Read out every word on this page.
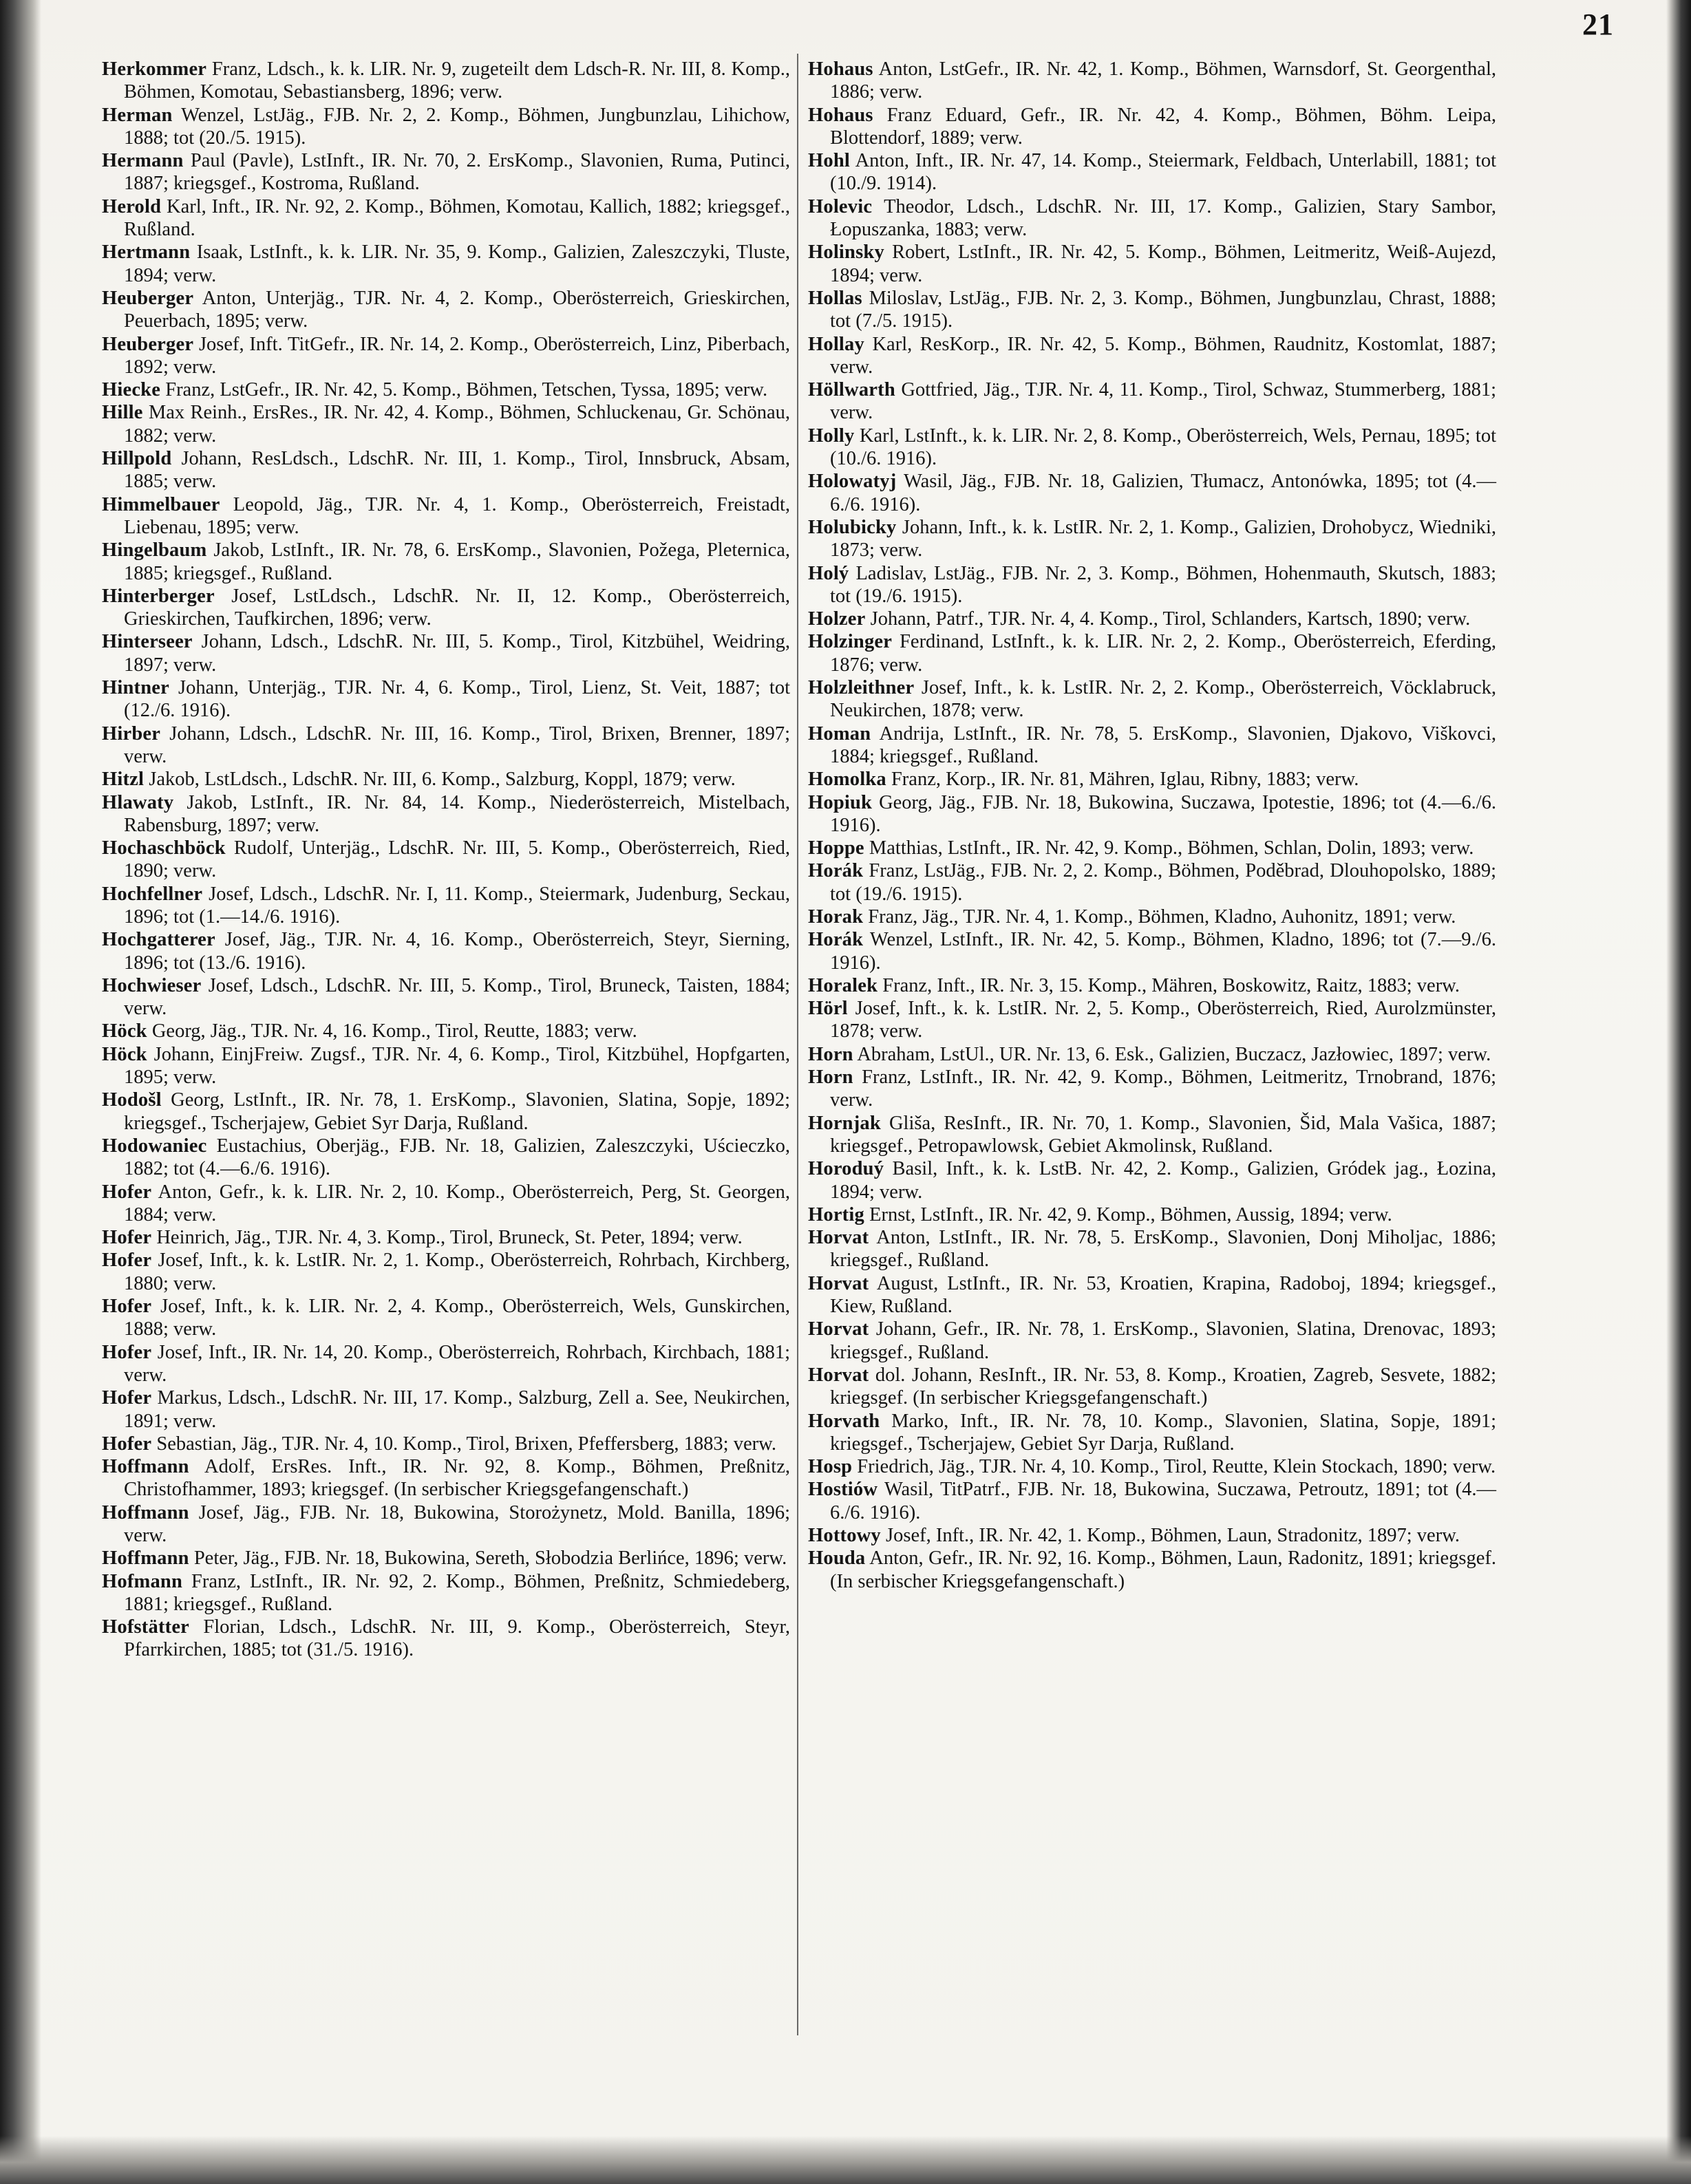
21
Herkommer Franz, Ldsch., k. k. LIR. Nr. 9, zugeteilt dem Ldsch-R. Nr. III, 8. Komp., Böhmen, Komotau, Sebastiansberg, 1896; verw.
Herman Wenzel, LstJäg., FJB. Nr. 2, 2. Komp., Böhmen, Jungbunzlau, Lihichow, 1888; tot (20./5. 1915).
Hermann Paul (Pavle), LstInft., IR. Nr. 70, 2. ErsKomp., Slavonien, Ruma, Putinci, 1887; kriegsgef., Kostroma, Rußland.
Herold Karl, Inft., IR. Nr. 92, 2. Komp., Böhmen, Komotau, Kallich, 1882; kriegsgef., Rußland.
Hertmann Isaak, LstInft., k. k. LIR. Nr. 35, 9. Komp., Galizien, Zaleszczyki, Tluste, 1894; verw.
Heuberger Anton, Unterjäg., TJR. Nr. 4, 2. Komp., Oberösterreich, Grieskirchen, Peuerbach, 1895; verw.
Heuberger Josef, Inft. TitGefr., IR. Nr. 14, 2. Komp., Oberösterreich, Linz, Piberbach, 1892; verw.
Hiecke Franz, LstGefr., IR. Nr. 42, 5. Komp., Böhmen, Tetschen, Tyssa, 1895; verw.
Hille Max Reinh., ErsRes., IR. Nr. 42, 4. Komp., Böhmen, Schluckenau, Gr. Schönau, 1882; verw.
Hillpold Johann, ResLdsch., LdschR. Nr. III, 1. Komp., Tirol, Innsbruck, Absam, 1885; verw.
Himmelbauer Leopold, Jäg., TJR. Nr. 4, 1. Komp., Oberösterreich, Freistadt, Liebenau, 1895; verw.
Hingelbaum Jakob, LstInft., IR. Nr. 78, 6. ErsKomp., Slavonien, Požega, Pleternica, 1885; kriegsgef., Rußland.
Hinterberger Josef, LstLdsch., LdschR. Nr. II, 12. Komp., Oberösterreich, Grieskirchen, Taufkirchen, 1896; verw.
Hinterseer Johann, Ldsch., LdschR. Nr. III, 5. Komp., Tirol, Kitzbühel, Weidring, 1897; verw.
Hintner Johann, Unterjäg., TJR. Nr. 4, 6. Komp., Tirol, Lienz, St. Veit, 1887; tot (12./6. 1916).
Hirber Johann, Ldsch., LdschR. Nr. III, 16. Komp., Tirol, Brixen, Brenner, 1897; verw.
Hitzl Jakob, LstLdsch., LdschR. Nr. III, 6. Komp., Salzburg, Koppl, 1879; verw.
Hlawaty Jakob, LstInft., IR. Nr. 84, 14. Komp., Niederösterreich, Mistelbach, Rabensburg, 1897; verw.
Hochaschböck Rudolf, Unterjäg., LdschR. Nr. III, 5. Komp., Oberösterreich, Ried, 1890; verw.
Hochfellner Josef, Ldsch., LdschR. Nr. I, 11. Komp., Steiermark, Judenburg, Seckau, 1896; tot (1.—14./6. 1916).
Hochgatterer Josef, Jäg., TJR. Nr. 4, 16. Komp., Oberösterreich, Steyr, Sierning, 1896; tot (13./6. 1916).
Hochwieser Josef, Ldsch., LdschR. Nr. III, 5. Komp., Tirol, Bruneck, Taisten, 1884; verw.
Höck Georg, Jäg., TJR. Nr. 4, 16. Komp., Tirol, Reutte, 1883; verw.
Höck Johann, EinjFreiw. Zugsf., TJR. Nr. 4, 6. Komp., Tirol, Kitzbühel, Hopfgarten, 1895; verw.
Hodošl Georg, LstInft., IR. Nr. 78, 1. ErsKomp., Slavonien, Slatina, Sopje, 1892; kriegsgef., Tscherjajew, Gebiet Syr Darja, Rußland.
Hodowaniec Eustachius, Oberjäg., FJB. Nr. 18, Galizien, Zaleszczyki, Uścieczko, 1882; tot (4.—6./6. 1916).
Hofer Anton, Gefr., k. k. LIR. Nr. 2, 10. Komp., Oberösterreich, Perg, St. Georgen, 1884; verw.
Hofer Heinrich, Jäg., TJR. Nr. 4, 3. Komp., Tirol, Bruneck, St. Peter, 1894; verw.
Hofer Josef, Inft., k. k. LstIR. Nr. 2, 1. Komp., Oberösterreich, Rohrbach, Kirchberg, 1880; verw.
Hofer Josef, Inft., k. k. LIR. Nr. 2, 4. Komp., Oberösterreich, Wels, Gunskirchen, 1888; verw.
Hofer Josef, Inft., IR. Nr. 14, 20. Komp., Oberösterreich, Rohrbach, Kirchbach, 1881; verw.
Hofer Markus, Ldsch., LdschR. Nr. III, 17. Komp., Salzburg, Zell a. See, Neukirchen, 1891; verw.
Hofer Sebastian, Jäg., TJR. Nr. 4, 10. Komp., Tirol, Brixen, Pfeffersberg, 1883; verw.
Hoffmann Adolf, ErsRes. Inft., IR. Nr. 92, 8. Komp., Böhmen, Preßnitz, Christofhammer, 1893; kriegsgef. (In serbischer Kriegsgefangenschaft.)
Hoffmann Josef, Jäg., FJB. Nr. 18, Bukowina, Storożynetz, Mold. Banilla, 1896; verw.
Hoffmann Peter, Jäg., FJB. Nr. 18, Bukowina, Sereth, Słobodzia Berlińce, 1896; verw.
Hofmann Franz, LstInft., IR. Nr. 92, 2. Komp., Böhmen, Preßnitz, Schmiedeberg, 1881; kriegsgef., Rußland.
Hofstätter Florian, Ldsch., LdschR. Nr. III, 9. Komp., Oberösterreich, Steyr, Pfarrkirchen, 1885; tot (31./5. 1916).
Hohaus Anton, LstGefr., IR. Nr. 42, 1. Komp., Böhmen, Warnsdorf, St. Georgenthal, 1886; verw.
Hohaus Franz Eduard, Gefr., IR. Nr. 42, 4. Komp., Böhmen, Böhm. Leipa, Blottendorf, 1889; verw.
Hohl Anton, Inft., IR. Nr. 47, 14. Komp., Steiermark, Feldbach, Unterlabill, 1881; tot (10./9. 1914).
Holevic Theodor, Ldsch., LdschR. Nr. III, 17. Komp., Galizien, Stary Sambor, Łopuszanka, 1883; verw.
Holinsky Robert, LstInft., IR. Nr. 42, 5. Komp., Böhmen, Leitmeritz, Weiß-Aujezd, 1894; verw.
Hollas Miloslav, LstJäg., FJB. Nr. 2, 3. Komp., Böhmen, Jungbunzlau, Chrast, 1888; tot (7./5. 1915).
Hollay Karl, ResKorp., IR. Nr. 42, 5. Komp., Böhmen, Raudnitz, Kostomlat, 1887; verw.
Höllwarth Gottfried, Jäg., TJR. Nr. 4, 11. Komp., Tirol, Schwaz, Stummerberg, 1881; verw.
Holly Karl, LstInft., k. k. LIR. Nr. 2, 8. Komp., Oberösterreich, Wels, Pernau, 1895; tot (10./6. 1916).
Holowatyj Wasil, Jäg., FJB. Nr. 18, Galizien, Tłumacz, Antonówka, 1895; tot (4.—6./6. 1916).
Holubicky Johann, Inft., k. k. LstIR. Nr. 2, 1. Komp., Galizien, Drohobycz, Wiedniki, 1873; verw.
Holý Ladislav, LstJäg., FJB. Nr. 2, 3. Komp., Böhmen, Hohenmauth, Skutsch, 1883; tot (19./6. 1915).
Holzer Johann, Patrf., TJR. Nr. 4, 4. Komp., Tirol, Schlanders, Kartsch, 1890; verw.
Holzinger Ferdinand, LstInft., k. k. LIR. Nr. 2, 2. Komp., Oberösterreich, Eferding, 1876; verw.
Holzleithner Josef, Inft., k. k. LstIR. Nr. 2, 2. Komp., Oberösterreich, Vöcklabruck, Neukirchen, 1878; verw.
Homan Andrija, LstInft., IR. Nr. 78, 5. ErsKomp., Slavonien, Djakovo, Viškovci, 1884; kriegsgef., Rußland.
Homolka Franz, Korp., IR. Nr. 81, Mähren, Iglau, Ribny, 1883; verw.
Hopiuk Georg, Jäg., FJB. Nr. 18, Bukowina, Suczawa, Ipotestie, 1896; tot (4.—6./6. 1916).
Hoppe Matthias, LstInft., IR. Nr. 42, 9. Komp., Böhmen, Schlan, Dolin, 1893; verw.
Horák Franz, LstJäg., FJB. Nr. 2, 2. Komp., Böhmen, Poděbrad, Dlouhopolsko, 1889; tot (19./6. 1915).
Horak Franz, Jäg., TJR. Nr. 4, 1. Komp., Böhmen, Kladno, Auhonitz, 1891; verw.
Horák Wenzel, LstInft., IR. Nr. 42, 5. Komp., Böhmen, Kladno, 1896; tot (7.—9./6. 1916).
Horalek Franz, Inft., IR. Nr. 3, 15. Komp., Mähren, Boskowitz, Raitz, 1883; verw.
Hörl Josef, Inft., k. k. LstIR. Nr. 2, 5. Komp., Oberösterreich, Ried, Aurolzmünster, 1878; verw.
Horn Abraham, LstUl., UR. Nr. 13, 6. Esk., Galizien, Buczacz, Jazłowiec, 1897; verw.
Horn Franz, LstInft., IR. Nr. 42, 9. Komp., Böhmen, Leitmeritz, Trnobrand, 1876; verw.
Hornjak Gliša, ResInft., IR. Nr. 70, 1. Komp., Slavonien, Šid, Mala Vašica, 1887; kriegsgef., Petropawlowsk, Gebiet Akmolinsk, Rußland.
Horoduý Basil, Inft., k. k. LstB. Nr. 42, 2. Komp., Galizien, Gródek jag., Łozina, 1894; verw.
Hortig Ernst, LstInft., IR. Nr. 42, 9. Komp., Böhmen, Aussig, 1894; verw.
Horvat Anton, LstInft., IR. Nr. 78, 5. ErsKomp., Slavonien, Donj Miholjac, 1886; kriegsgef., Rußland.
Horvat August, LstInft., IR. Nr. 53, Kroatien, Krapina, Radoboj, 1894; kriegsgef., Kiew, Rußland.
Horvat Johann, Gefr., IR. Nr. 78, 1. ErsKomp., Slavonien, Slatina, Drenovac, 1893; kriegsgef., Rußland.
Horvat dol. Johann, ResInft., IR. Nr. 53, 8. Komp., Kroatien, Zagreb, Sesvete, 1882; kriegsgef. (In serbischer Kriegsgefangenschaft.)
Horvath Marko, Inft., IR. Nr. 78, 10. Komp., Slavonien, Slatina, Sopje, 1891; kriegsgef., Tscherjajew, Gebiet Syr Darja, Rußland.
Hosp Friedrich, Jäg., TJR. Nr. 4, 10. Komp., Tirol, Reutte, Klein Stockach, 1890; verw.
Hostiów Wasil, TitPatrf., FJB. Nr. 18, Bukowina, Suczawa, Petroutz, 1891; tot (4.—6./6. 1916).
Hottowy Josef, Inft., IR. Nr. 42, 1. Komp., Böhmen, Laun, Stradonitz, 1897; verw.
Houda Anton, Gefr., IR. Nr. 92, 16. Komp., Böhmen, Laun, Radonitz, 1891; kriegsgef. (In serbischer Kriegsgefangenschaft.)
